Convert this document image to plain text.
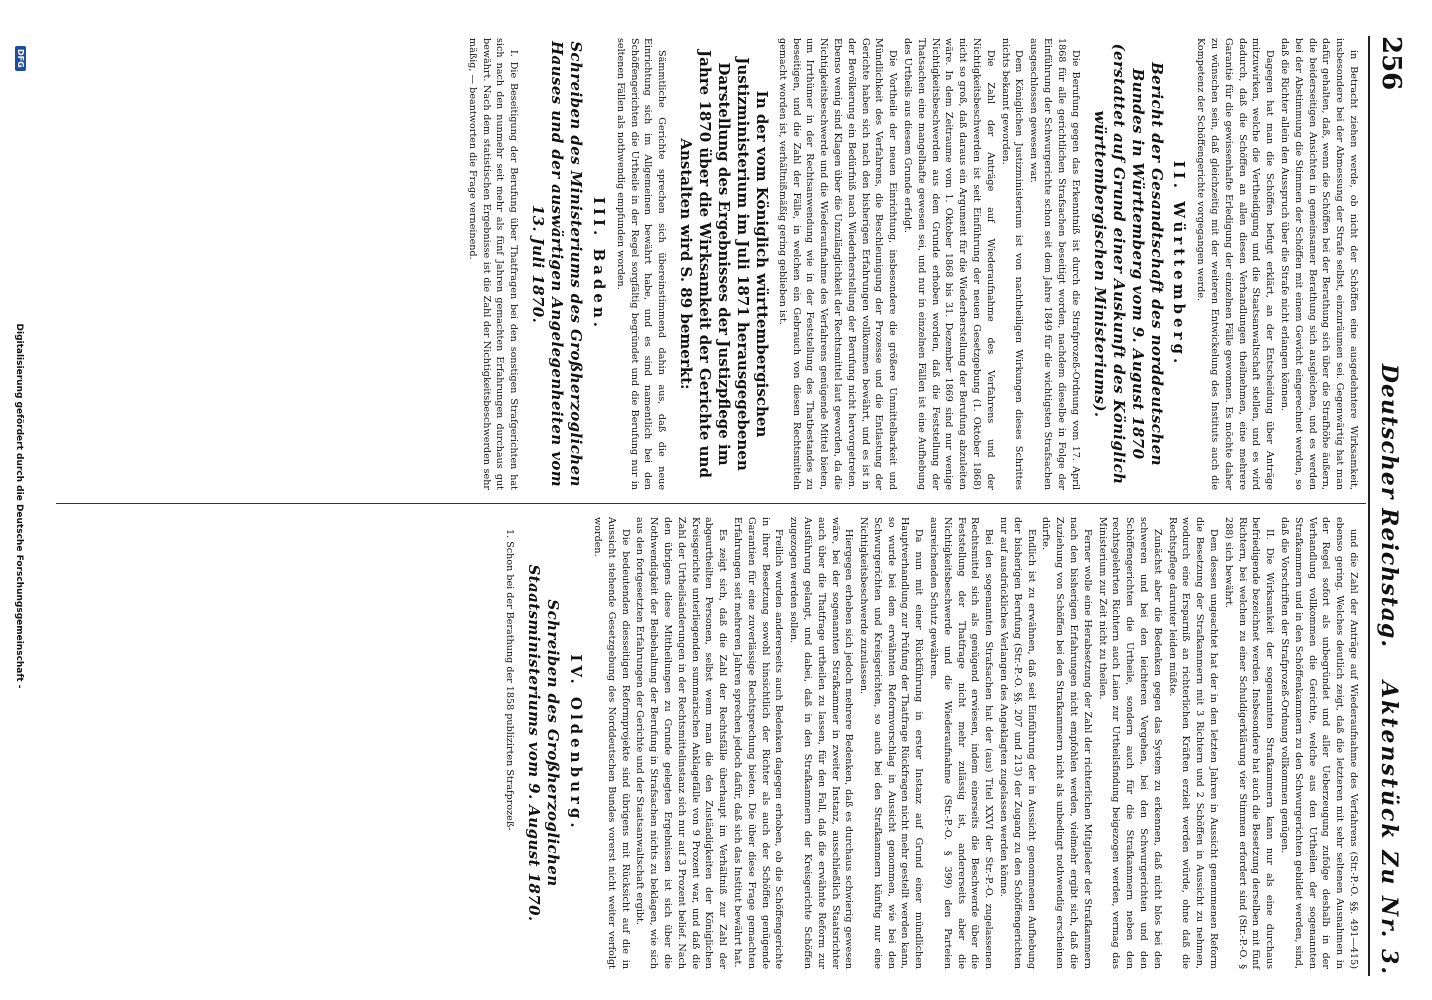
256
Deutscher Reichstag.
Aktenstück Zu Nr. 3.

in Betracht ziehen werde, ob nicht der Schöffen eine ausgedehntere Wirksamkeit, insbesondere bei der Abmessung der Strafe selbst, einzuräumen sei. Gegenwärtig hat man dafür gehalten, daß, wenn die Schöffen bei der Berathung sich über die Strafhöhe äußern, die beiderseitigen Ansichten in gemeinsamer Berathung sich ausgleichen, und es werden bei der Abstimmung die Stimmen der Schöffen mit einem Gewicht eingerechnet werden, so daß die Richter allein den Ausspruch über die Strafe nicht erlangen können.

Dagegen hat man die Schöffen befugt erklärt, an der Entscheidung über Anträge mitzuwirken, welche die Vertheidigung und die Staatsanwaltschaft stellen, und es wird dadurch, daß die Schöffen an allen diesen Verhandlungen theilnehmen, eine mehrere Garantie für die gewissenhafte Erledigung der einzelnen Fälle gewonnen. Es möchte daher zu wünschen sein, daß gleichzeitig mit der weiteren Entwickelung des Instituts auch die Kompetenz der Schöffengerichte vorgegangen werde.

II. Württemberg.

Bericht der Gesandtschaft des norddeutschen Bundes in Württemberg vom 9. August 1870 (erstattet auf Grund einer Auskunft des Königlich württembergischen Ministeriums).

Die Berufung gegen das Erkenntniß ist durch die Strafprozeß-Ordnung vom 17. April 1868 für alle gerichtlichen Strafsachen beseitigt worden, nachdem dieselbe in Folge der Einführung der Schwurgerichte schon seit dem Jahre 1849 für die wichtigsten Strafsachen ausgeschlossen gewesen war.

Dem Königlichen Justizministerium ist von nachtheiligen Wirkungen dieses Schrittes nichts bekannt geworden.

Die Zahl der Anträge auf Wiederaufnahme des Verfahrens und der Nichtigkeitsbeschwerden ist seit Einführung der neuen Gesetzgebung (1. Oktober 1868) nicht so groß, daß daraus ein Argument für die Wiederherstellung der Berufung abzuleiten wäre. In dem Zeitraume vom 1. Oktober 1868 bis 31. Dezember 1869 sind nur wenige Nichtigkeitsbeschwerden aus dem Grunde erhoben worden, daß die Feststellung der Thatsachen eine mangelhafte gewesen sei, und nur in einzelnen Fällen ist eine Aufhebung des Urtheils aus diesem Grunde erfolgt.

Die Vortheile der neuen Einrichtung, insbesondere die größere Unmittelbarkeit und Mündlichkeit des Verfahrens, die Beschleunigung der Prozesse und die Entlastung der Gerichte haben sich nach den bisherigen Erfahrungen vollkommen bewährt, und es ist in der Bevölkerung ein Bedürfniß nach Wiederherstellung der Berufung nicht hervorgetreten. Ebenso wenig sind Klagen über die Unzulänglichkeit der Rechtsmittel laut geworden, da die Nichtigkeitsbeschwerde und die Wiederaufnahme des Verfahrens genügende Mittel bieten, um Irrthümer in der Rechtsanwendung wie in der Feststellung des Thatbestandes zu beseitigen, und die Zahl der Fälle, in welchen ein Gebrauch von diesen Rechtsmitteln gemacht worden ist, verhältnißmäßig gering geblieben ist.

In der vom Königlich württembergischen Justizministerium im Juli 1871 herausgegebenen Darstellung des Ergebnisses der Justizpflege im Jahre 1870 über die Wirksamkeit der Gerichte und Anstalten wird S. 89 bemerkt:

Sämmtliche Gerichte sprechen sich übereinstimmend dahin aus, daß die neue Einrichtung sich im Allgemeinen bewährt habe, und es sind namentlich bei den Schöffengerichten die Urtheile in der Regel sorgfältig begründet und die Berufung nur in seltenen Fällen als nothwendig empfunden worden.

III. Baden.

Schreiben des Ministeriums des Großherzoglichen Hauses und der auswärtigen Angelegenheiten vom 13. Juli 1870.

I. Die Beseitigung der Berufung über Thatfragen bei den sonstigen Strafgerichten hat sich nach den nunmehr seit mehr als fünf Jahren gemachten Erfahrungen durchaus gut bewährt. Nach dem statistischen Ergebnisse ist die Zahl der Nichtigkeitsbeschwerden sehr mäßig, — beantworten die Frage verneinend.

und die Zahl der Anträge auf Wiederaufnahme des Verfahrens (Str.-P.-O. §§. 491—415) ebenso gering. Welches deutlich zeigt, daß die letzteren mit sehr seltenen Ausnahmen in der Regel sofort als unbegründet und aller Ueberzeugung zufolge deshalb in der Verhandlung vollkommen die Gerichte, welche aus den Urtheilen der sogenannten Strafkammern und in den Schöffenkammern zu den Schwurgerichten gebildet werden, sind, daß die Vorschriften der Strafprozeß-Ordnung vollkommen genügen.

II. Die Wirksamkeit der sogenannten Strafkammern kann nur als eine durchaus befriedigende bezeichnet werden. Insbesondere hat auch die Besetzung derselben mit fünf Richtern, bei welchen zu einer Schuldigerklärung vier Stimmen erfordert sind (Str.-P.-O. § 288) sich bewährt.

Dem dessen ungeachtet hat der in den letzten Jahren in Aussicht genommenen Reform die Besetzung der Strafkammern mit 3 Richtern und 2 Schöffen in Aussicht zu nehmen, wodurch eine Ersparniß an richterlichen Kräften erzielt werden würde, ohne daß die Rechtspflege darunter leiden müßte.

Zunächst aber die Bedenken gegen das System zu erkennen, daß nicht blos bei den schweren und bei den leichteren Vergehen, bei den Schwurgerichten und den Schöffengerichten die Urtheile, sondern auch für die Strafkammern neben den rechtsgelehrten Richtern auch Laien zur Urtheilsfindung beigezogen werden, vermag das Ministerium zur Zeit nicht zu theilen.

Ferner wolle eine Herabsetzung der Zahl der richterlichen Mitglieder der Strafkammern nach den bisherigen Erfahrungen nicht empfohlen werden, vielmehr ergibt sich, daß die Zuziehung von Schöffen bei den Strafkammern nicht als unbedingt nothwendig erscheinen dürfte.

Endlich ist zu erwähnen, daß seit Einführung der in Aussicht genommenen Aufhebung der bisherigen Berufung (Str.-P.-O. §§. 207 und 213) der Zugang zu den Schöffengerichten nur auf ausdrückliches Verlangen des Angeklagten zugelassen werden könne.

Bei den sogenannten Strafsachen hat der (aus) Titel XXVI der Str.-P.-O. zugelassenen Rechtsmittel sich als genügend erwiesen, indem einerseits die Beschwerde über die Feststellung der Thatfrage nicht mehr zulässig ist, andererseits aber die Nichtigkeitsbeschwerde und die Wiederaufnahme (Str.-P.-O. § 399) den Parteien ausreichenden Schutz gewähren.

Da nun mit einer Rückführung in erster Instanz auf Grund einer mündlichen Hauptverhandlung zur Prüfung der Thatfrage Rückfragen nicht mehr gestellt werden kann, so wurde bei dem erwähnten Reformvorschlag in Aussicht genommen, wie bei den Schwurgerichten und Kreisgerichten, so auch bei den Strafkammern künftig nur eine Nichtigkeitsbeschwerde zuzulassen.

Hiergegen erheben sich jedoch mehrere Bedenken, daß es durchaus schwierig gewesen wäre, bei der sogenannten Strafkammer in zweiter Instanz, ausschließlich Staatsrichter auch über die Thatfrage urtheilen zu lassen, für den Fall, daß die erwähnte Reform zur Ausführung gelangt, und dabei, daß in den Strafkammern der Kreisgerichte Schöffen zugezogen werden sollen.

Freilich wurden andererseits auch Bedenken dagegen erhoben, ob die Schöffengerichte in ihrer Besetzung sowohl hinsichtlich der Richter als auch der Schöffen genügende Garantien für eine zuverlässige Rechtsprechung bieten. Die über diese Frage gemachten Erfahrungen seit mehreren Jahren sprechen jedoch dafür, daß sich das Institut bewährt hat.

Es zeigt sich, daß die Zahl der Rechtsfälle überhaupt im Verhältniß zur Zahl der abgeurtheilten Personen, selbst wenn man die den Zuständigkeiten der Königlichen Kreisgerichte unterliegenden summarischen Anklagefälle von 9 Prozent war, und daß die Zahl der Urtheilsänderungen in der Rechtsmittelinstanz sich nur auf 3 Prozent belief. Nach den übrigens diese Mittheilungen zu Grunde gelegten Ergebnissen ist sich über die Nothwendigkeit der Beibehaltung der Berufung in Strafsachen nichts zu beklagen, wie sich aus den fortgesetzten Erfahrungen der Gerichte und der Staatsanwaltschaft ergibt.

Die bedeutenden diesseitigen Reformprojekte sind übrigens mit Rücksicht auf die in Aussicht stehende Gesetzgebung des Norddeutschen Bundes vorerst nicht weiter verfolgt worden.

IV. Oldenburg.

Schreiben des Großherzoglichen Staatsministeriums vom 9. August 1870.

1. Schon bei der Berathung der 1858 publizirten Strafprozeß-

DFG
Digitalisierung gefördert durch die Deutsche Forschungsgemeinschaft -
